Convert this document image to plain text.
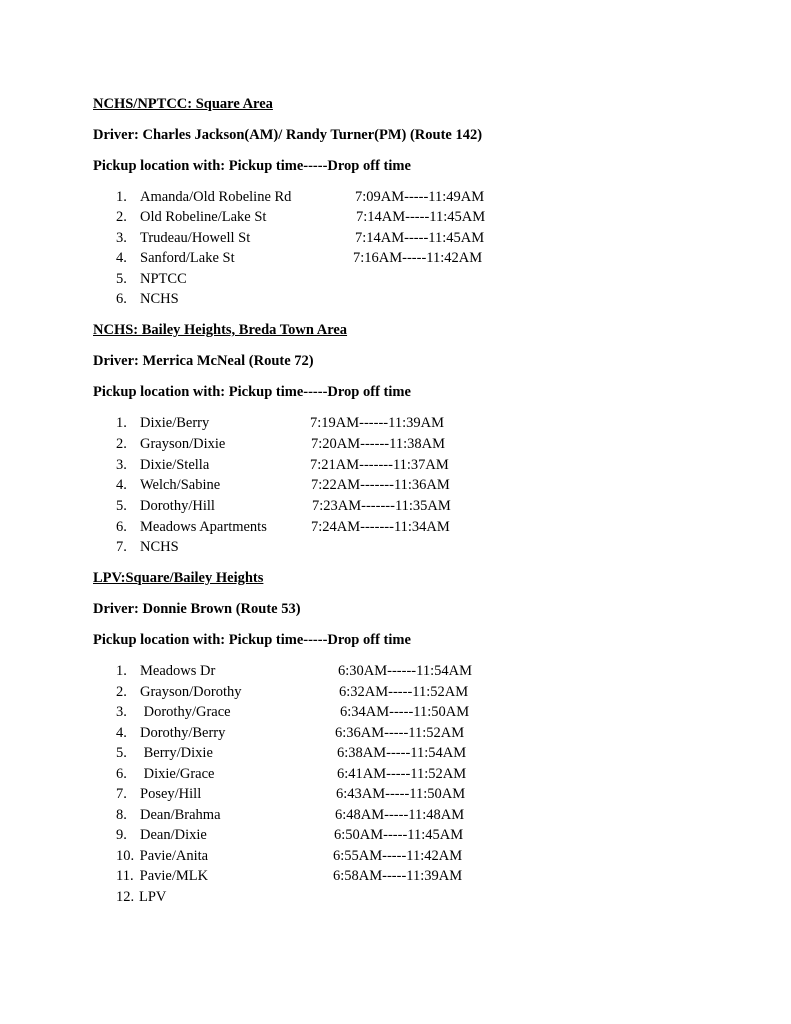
NCHS/NPTCC: Square Area
Driver: Charles Jackson(AM)/ Randy Turner(PM) (Route 142)
Pickup location with: Pickup time-----Drop off time
1. Amanda/Old Robeline Rd	7:09AM-----11:49AM
2. Old Robeline/Lake St	7:14AM-----11:45AM
3. Trudeau/Howell St	7:14AM-----11:45AM
4. Sanford/Lake St	7:16AM-----11:42AM
5. NPTCC
6. NCHS
NCHS: Bailey Heights, Breda Town Area
Driver: Merrica McNeal (Route 72)
Pickup location with: Pickup time-----Drop off time
1. Dixie/Berry	7:19AM------11:39AM
2. Grayson/Dixie	7:20AM------11:38AM
3. Dixie/Stella	7:21AM-------11:37AM
4. Welch/Sabine	7:22AM-------11:36AM
5. Dorothy/Hill	7:23AM-------11:35AM
6. Meadows Apartments	7:24AM-------11:34AM
7. NCHS
LPV:Square/Bailey Heights
Driver: Donnie Brown (Route 53)
Pickup location with: Pickup time-----Drop off time
1. Meadows Dr	6:30AM------11:54AM
2. Grayson/Dorothy	6:32AM-----11:52AM
3. Dorothy/Grace	6:34AM-----11:50AM
4. Dorothy/Berry	6:36AM-----11:52AM
5. Berry/Dixie	6:38AM-----11:54AM
6. Dixie/Grace	6:41AM-----11:52AM
7. Posey/Hill	6:43AM-----11:50AM
8. Dean/Brahma	6:48AM-----11:48AM
9. Dean/Dixie	6:50AM-----11:45AM
10. Pavie/Anita	6:55AM-----11:42AM
11. Pavie/MLK	6:58AM-----11:39AM
12. LPV
